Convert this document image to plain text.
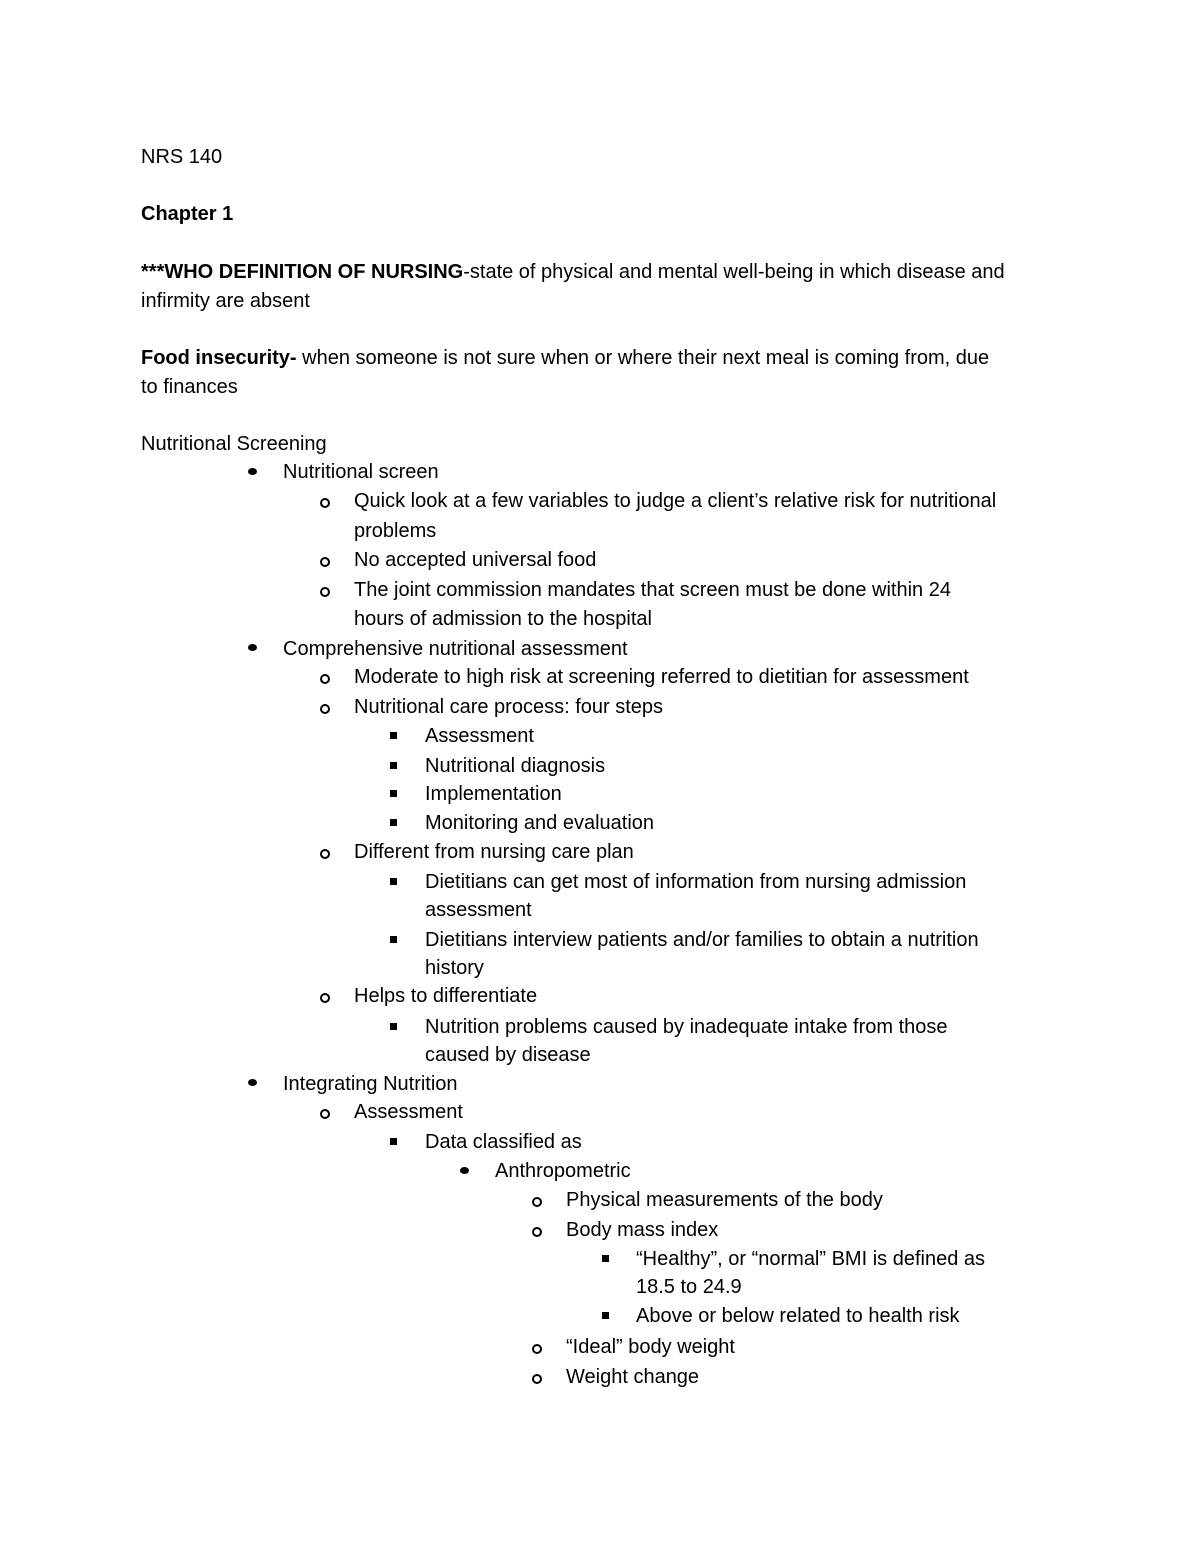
NRS 140
Chapter 1
***WHO DEFINITION OF NURSING-state of physical and mental well-being in which disease and
infirmity are absent
Food insecurity- when someone is not sure when or where their next meal is coming from, due
to finances
Nutritional Screening
Nutritional screen
Quick look at a few variables to judge a client’s relative risk for nutritional
problems
No accepted universal food
The joint commission mandates that screen must be done within 24
hours of admission to the hospital
Comprehensive nutritional assessment
Moderate to high risk at screening referred to dietitian for assessment
Nutritional care process: four steps
Assessment
Nutritional diagnosis
Implementation
Monitoring and evaluation
Different from nursing care plan
Dietitians can get most of information from nursing admission
assessment
Dietitians interview patients and/or families to obtain a nutrition
history
Helps to differentiate
Nutrition problems caused by inadequate intake from those
caused by disease
Integrating Nutrition
Assessment
Data classified as
Anthropometric
Physical measurements of the body
Body mass index
“Healthy”, or “normal” BMI is defined as
18.5 to 24.9
Above or below related to health risk
“Ideal” body weight
Weight change
